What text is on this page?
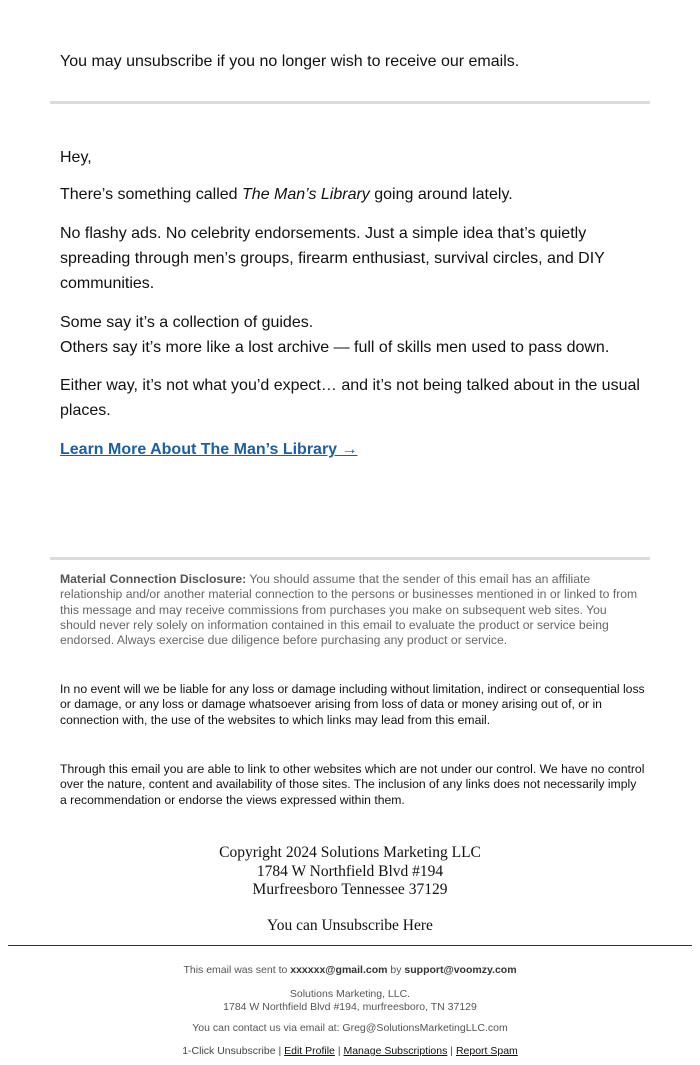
You may unsubscribe if you no longer wish to receive our emails.
Hey,
There’s something called The Man’s Library going around lately.
No flashy ads. No celebrity endorsements. Just a simple idea that’s quietly spreading through men’s groups, firearm enthusiast, survival circles, and DIY communities.
Some say it’s a collection of guides.
Others say it’s more like a lost archive — full of skills men used to pass down.
Either way, it’s not what you’d expect… and it’s not being talked about in the usual places.
Learn More About The Man’s Library →
Material Connection Disclosure: You should assume that the sender of this email has an affiliate relationship and/or another material connection to the persons or businesses mentioned in or linked to from this message and may receive commissions from purchases you make on subsequent web sites. You should never rely solely on information contained in this email to evaluate the product or service being endorsed. Always exercise due diligence before purchasing any product or service.
In no event will we be liable for any loss or damage including without limitation, indirect or consequential loss or damage, or any loss or damage whatsoever arising from loss of data or money arising out of, or in connection with, the use of the websites to which links may lead from this email.
Through this email you are able to link to other websites which are not under our control. We have no control over the nature, content and availability of those sites. The inclusion of any links does not necessarily imply a recommendation or endorse the views expressed within them.
Copyright 2024 Solutions Marketing LLC
1784 W Northfield Blvd #194
Murfreesboro Tennessee 37129
You can Unsubscribe Here
This email was sent to xxxxxx@gmail.com by support@voomzy.com
Solutions Marketing, LLC.
1784 W Northfield Blvd #194, murfreesboro, TN 37129
You can contact us via email at: Greg@SolutionsMarketingLLC.com
1-Click Unsubscribe | Edit Profile | Manage Subscriptions | Report Spam
